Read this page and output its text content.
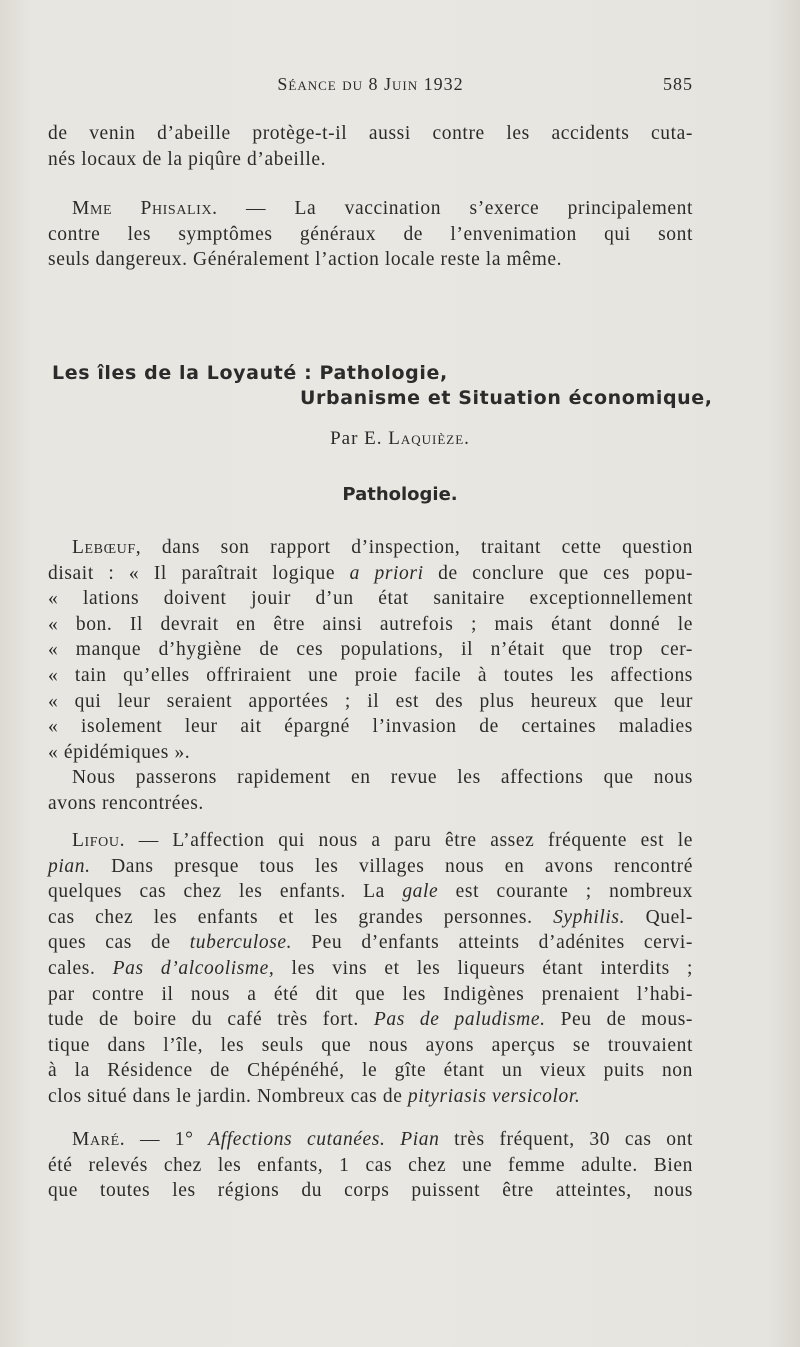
Séance du 8 Juin 1932	585
de venin d’abeille protège-t-il aussi contre les accidents cuta-
nés locaux de la piqûre d’abeille.
Mme Phisalix. — La vaccination s’exerce principalement
contre les symptômes généraux de l’envenimation qui sont
seuls dangereux. Généralement l’action locale reste la même.
Les îles de la Loyauté : Pathologie,
Urbanisme et Situation économique,
Par E. Laquièze.
Pathologie.
Lebœuf, dans son rapport d’inspection, traitant cette question
disait : « Il paraîtrait logique a priori de conclure que ces popu-
« lations doivent jouir d’un état sanitaire exceptionnellement
« bon. Il devrait en être ainsi autrefois ; mais étant donné le
« manque d’hygiène de ces populations, il n’était que trop cer-
« tain qu’elles offriraient une proie facile à toutes les affections
« qui leur seraient apportées ; il est des plus heureux que leur
« isolement leur ait épargné l’invasion de certaines maladies
« épidémiques ».
Nous passerons rapidement en revue les affections que nous
avons rencontrées.
Lifou. — L’affection qui nous a paru être assez fréquente est le
pian. Dans presque tous les villages nous en avons rencontré
quelques cas chez les enfants. La gale est courante ; nombreux
cas chez les enfants et les grandes personnes. Syphilis. Quel-
ques cas de tuberculose. Peu d’enfants atteints d’adénites cervi-
cales. Pas d’alcoolisme, les vins et les liqueurs étant interdits ;
par contre il nous a été dit que les Indigènes prenaient l’habi-
tude de boire du café très fort. Pas de paludisme. Peu de mous-
tique dans l’île, les seuls que nous ayons aperçus se trouvaient
à la Résidence de Chépénéhé, le gîte étant un vieux puits non
clos situé dans le jardin. Nombreux cas de pityriasis versicolor.
Maré. — 1° Affections cutanées. Pian très fréquent, 30 cas ont
été relevés chez les enfants, 1 cas chez une femme adulte. Bien
que toutes les régions du corps puissent être atteintes, nous
